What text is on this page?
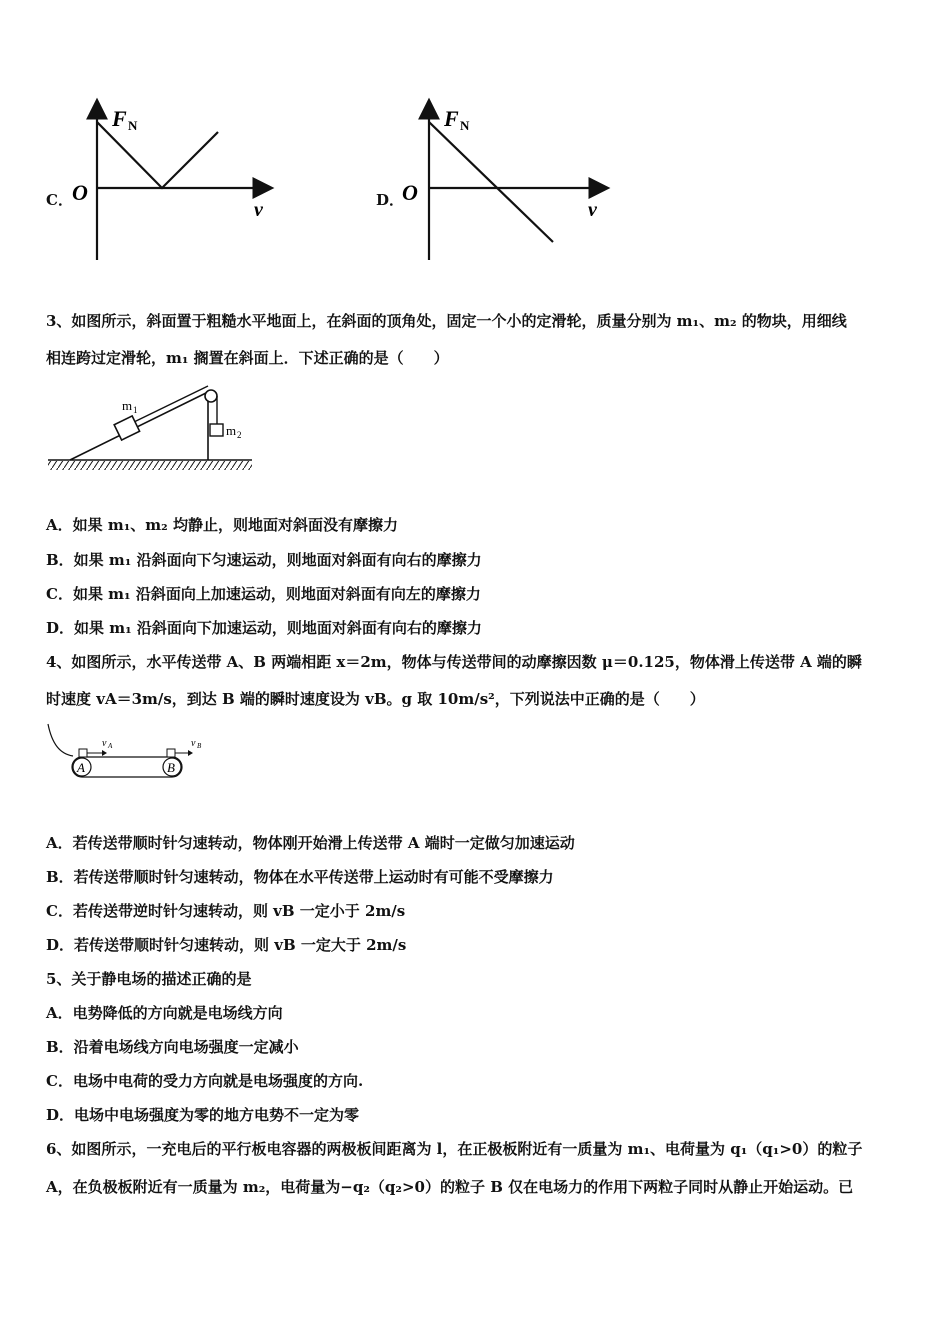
C．
F N
O
v	D．
F N
O
v
3、如图所示，斜面置于粗糙水平地面上，在斜面的顶角处，固定一个小的定滑轮，质量分别为 m₁、m₂ 的物块，用细线
相连跨过定滑轮，m₁ 搁置在斜面上．下述正确的是（　　）
m 1
m 2
A．如果 m₁、m₂ 均静止，则地面对斜面没有摩擦力
B．如果 m₁ 沿斜面向下匀速运动，则地面对斜面有向右的摩擦力
C．如果 m₁ 沿斜面向上加速运动，则地面对斜面有向左的摩擦力
D．如果 m₁ 沿斜面向下加速运动，则地面对斜面有向右的摩擦力
4、如图所示，水平传送带 A、B 两端相距 x＝2m，物体与传送带间的动摩擦因数 μ＝0.125，物体滑上传送带 A 端的瞬
时速度 vA＝3m/s，到达 B 端的瞬时速度设为 vB。g 取 10m/s²，下列说法中正确的是（　　）
A	B
v A	v B
A．若传送带顺时针匀速转动，物体刚开始滑上传送带 A 端时一定做匀加速运动
B．若传送带顺时针匀速转动，物体在水平传送带上运动时有可能不受摩擦力
C．若传送带逆时针匀速转动，则 vB 一定小于 2m/s
D．若传送带顺时针匀速转动，则 vB 一定大于 2m/s
5、关于静电场的描述正确的是
A．电势降低的方向就是电场线方向
B．沿着电场线方向电场强度一定减小
C．电场中电荷的受力方向就是电场强度的方向.
D．电场中电场强度为零的地方电势不一定为零
6、如图所示，一充电后的平行板电容器的两极板间距离为 l，在正极板附近有一质量为 m₁、电荷量为 q₁（q₁>0）的粒子
A，在负极板附近有一质量为 m₂，电荷量为−q₂（q₂>0）的粒子 B 仅在电场力的作用下两粒子同时从静止开始运动。已
